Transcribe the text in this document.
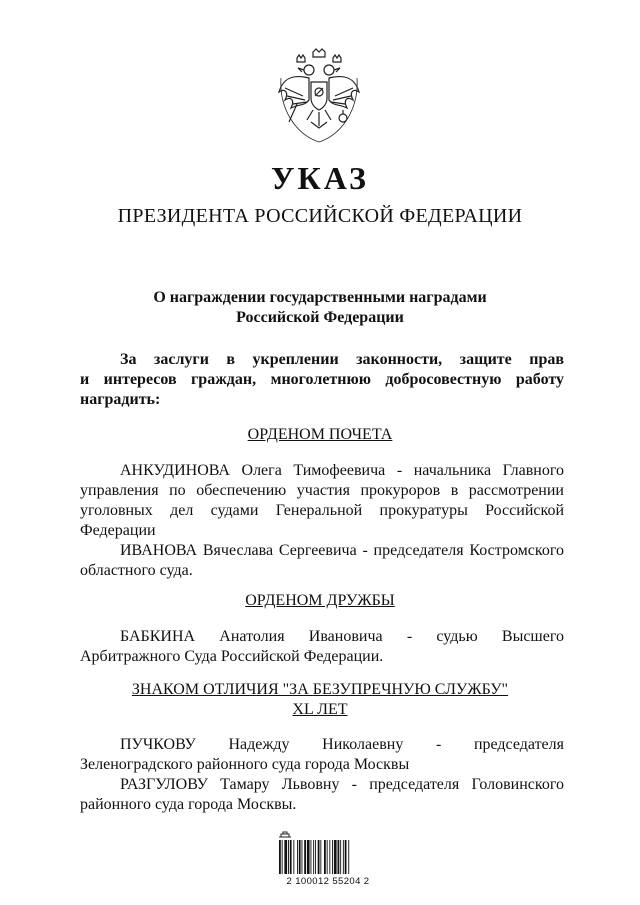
УКАЗ
ПРЕЗИДЕНТА РОССИЙСКОЙ ФЕДЕРАЦИИ
О награждении государственными наградами
Российской Федерации
За заслуги в укреплении законности, защите прав
и интересов граждан, многолетнюю добросовестную работу
наградить:
ОРДЕНОМ ПОЧЕТА
АНКУДИНОВА Олега Тимофеевича - начальника Главного
управления по обеспечению участия прокуроров в рассмотрении
уголовных дел судами Генеральной прокуратуры Российской
Федерации
ИВАНОВА Вячеслава Сергеевича - председателя Костромского
областного суда.
ОРДЕНОМ ДРУЖБЫ
БАБКИНА Анатолия Ивановича - судью Высшего
Арбитражного Суда Российской Федерации.
ЗНАКОМ ОТЛИЧИЯ "ЗА БЕЗУПРЕЧНУЮ СЛУЖБУ"
XL ЛЕТ
ПУЧКОВУ Надежду Николаевну - председателя
Зеленоградского районного суда города Москвы
РАЗГУЛОВУ Тамару Львовну - председателя Головинского
районного суда города Москвы.
2 100012 55204 2
